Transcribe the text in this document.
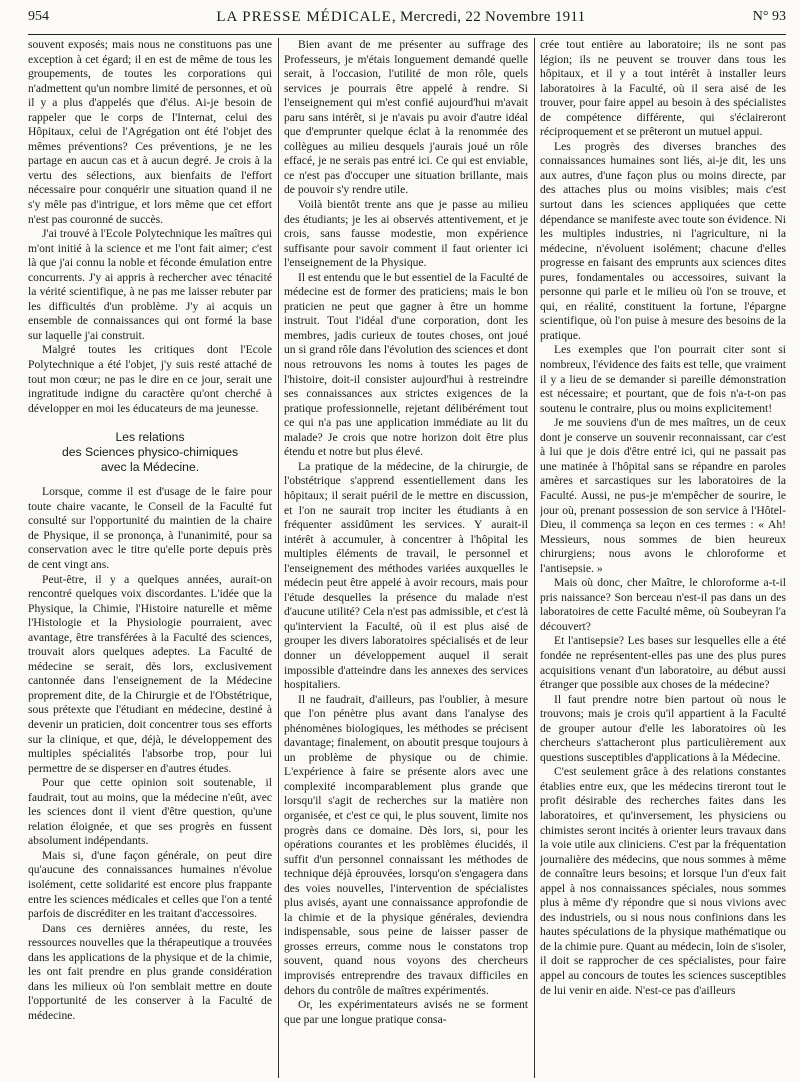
954	LA PRESSE MÉDICALE, Mercredi, 22 Novembre 1911	N° 93

souvent exposés; mais nous ne constituons pas une exception à cet égard; il en est de même de tous les groupements, de toutes les corporations qui n'admettent qu'un nombre limité de personnes, et où il y a plus d'appelés que d'élus. Ai-je besoin de rappeler que le corps de l'Internat, celui des Hôpitaux, celui de l'Agrégation ont été l'objet des mêmes préventions? Ces préventions, je ne les partage en aucun cas et à aucun degré. Je crois à la vertu des sélections, aux bienfaits de l'effort nécessaire pour conquérir une situation quand il ne s'y mêle pas d'intrigue, et lors même que cet effort n'est pas couronné de succès.

J'ai trouvé à l'Ecole Polytechnique les maîtres qui m'ont initié à la science et me l'ont fait aimer; c'est là que j'ai connu la noble et féconde émulation entre concurrents. J'y ai appris à rechercher avec ténacité la vérité scientifique, à ne pas me laisser rebuter par les difficultés d'un problème. J'y ai acquis un ensemble de connaissances qui ont formé la base sur laquelle j'ai construit.

Malgré toutes les critiques dont l'Ecole Polytechnique a été l'objet, j'y suis resté attaché de tout mon cœur; ne pas le dire en ce jour, serait une ingratitude indigne du caractère qu'ont cherché à développer en moi les éducateurs de ma jeunesse.

Les relations
des Sciences physico-chimiques
avec la Médecine.

Lorsque, comme il est d'usage de le faire pour toute chaire vacante, le Conseil de la Faculté fut consulté sur l'opportunité du maintien de la chaire de Physique, il se prononça, à l'unanimité, pour sa conservation avec le titre qu'elle porte depuis près de cent vingt ans.

Peut-être, il y a quelques années, aurait-on rencontré quelques voix discordantes. L'idée que la Physique, la Chimie, l'Histoire naturelle et même l'Histologie et la Physiologie pourraient, avec avantage, être transférées à la Faculté des sciences, trouvait alors quelques adeptes. La Faculté de médecine se serait, dès lors, exclusivement cantonnée dans l'enseignement de la Médecine proprement dite, de la Chirurgie et de l'Obstétrique, sous prétexte que l'étudiant en médecine, destiné à devenir un praticien, doit concentrer tous ses efforts sur la clinique, et que, déjà, le développement des multiples spécialités l'absorbe trop, pour lui permettre de se disperser en d'autres études.

Pour que cette opinion soit soutenable, il faudrait, tout au moins, que la médecine n'eût, avec les sciences dont il vient d'être question, qu'une relation éloignée, et que ses progrès en fussent absolument indépendants.

Mais si, d'une façon générale, on peut dire qu'aucune des connaissances humaines n'évolue isolément, cette solidarité est encore plus frappante entre les sciences médicales et celles que l'on a tenté parfois de discréditer en les traitant d'accessoires.

Dans ces dernières années, du reste, les ressources nouvelles que la thérapeutique a trouvées dans les applications de la physique et de la chimie, les ont fait prendre en plus grande considération dans les milieux où l'on semblait mettre en doute l'opportunité de les conserver à la Faculté de médecine.

Bien avant de me présenter au suffrage des Professeurs, je m'étais longuement demandé quelle serait, à l'occasion, l'utilité de mon rôle, quels services je pourrais être appelé à rendre. Si l'enseignement qui m'est confié aujourd'hui m'avait paru sans intérêt, si je n'avais pu avoir d'autre idéal que d'emprunter quelque éclat à la renommée des collègues au milieu desquels j'aurais joué un rôle effacé, je ne serais pas entré ici. Ce qui est enviable, ce n'est pas d'occuper une situation brillante, mais de pouvoir s'y rendre utile.

Voilà bientôt trente ans que je passe au milieu des étudiants; je les ai observés attentivement, et je crois, sans fausse modestie, mon expérience suffisante pour savoir comment il faut orienter ici l'enseignement de la Physique.

Il est entendu que le but essentiel de la Faculté de médecine est de former des praticiens; mais le bon praticien ne peut que gagner à être un homme instruit. Tout l'idéal d'une corporation, dont les membres, jadis curieux de toutes choses, ont joué un si grand rôle dans l'évolution des sciences et dont nous retrouvons les noms à toutes les pages de l'histoire, doit-il consister aujourd'hui à restreindre ses connaissances aux strictes exigences de la pratique professionnelle, rejetant délibérément tout ce qui n'a pas une application immédiate au lit du malade? Je crois que notre horizon doit être plus étendu et notre but plus élevé.

La pratique de la médecine, de la chirurgie, de l'obstétrique s'apprend essentiellement dans les hôpitaux; il serait puéril de le mettre en discussion, et l'on ne saurait trop inciter les étudiants à en fréquenter assidûment les services. Y aurait-il intérêt à accumuler, à concentrer à l'hôpital les multiples éléments de travail, le personnel et l'enseignement des méthodes variées auxquelles le médecin peut être appelé à avoir recours, mais pour l'étude desquelles la présence du malade n'est d'aucune utilité? Cela n'est pas admissible, et c'est là qu'intervient la Faculté, où il est plus aisé de grouper les divers laboratoires spécialisés et de leur donner un développement auquel il serait impossible d'atteindre dans les annexes des services hospitaliers.

Il ne faudrait, d'ailleurs, pas l'oublier, à mesure que l'on pénètre plus avant dans l'analyse des phénomènes biologiques, les méthodes se précisent davantage; finalement, on aboutit presque toujours à un problème de physique ou de chimie. L'expérience à faire se présente alors avec une complexité incomparablement plus grande que lorsqu'il s'agit de recherches sur la matière non organisée, et c'est ce qui, le plus souvent, limite nos progrès dans ce domaine. Dès lors, si, pour les opérations courantes et les problèmes élucidés, il suffit d'un personnel connaissant les méthodes de technique déjà éprouvées, lorsqu'on s'engagera dans des voies nouvelles, l'intervention de spécialistes plus avisés, ayant une connaissance approfondie de la chimie et de la physique générales, deviendra indispensable, sous peine de laisser passer de grosses erreurs, comme nous le constatons trop souvent, quand nous voyons des chercheurs improvisés entreprendre des travaux difficiles en dehors du contrôle de maîtres expérimentés.

Or, les expérimentateurs avisés ne se forment que par une longue pratique consa-

crée tout entière au laboratoire; ils ne sont pas légion; ils ne peuvent se trouver dans tous les hôpitaux, et il y a tout intérêt à installer leurs laboratoires à la Faculté, où il sera aisé de les trouver, pour faire appel au besoin à des spécialistes de compétence différente, qui s'éclaireront réciproquement et se prêteront un mutuel appui.

Les progrès des diverses branches des connaissances humaines sont liés, ai-je dit, les uns aux autres, d'une façon plus ou moins directe, par des attaches plus ou moins visibles; mais c'est surtout dans les sciences appliquées que cette dépendance se manifeste avec toute son évidence. Ni les multiples industries, ni l'agriculture, ni la médecine, n'évoluent isolément; chacune d'elles progresse en faisant des emprunts aux sciences dites pures, fondamentales ou accessoires, suivant la personne qui parle et le milieu où l'on se trouve, et qui, en réalité, constituent la fortune, l'épargne scientifique, où l'on puise à mesure des besoins de la pratique.

Les exemples que l'on pourrait citer sont si nombreux, l'évidence des faits est telle, que vraiment il y a lieu de se demander si pareille démonstration est nécessaire; et pourtant, que de fois n'a-t-on pas soutenu le contraire, plus ou moins explicitement!

Je me souviens d'un de mes maîtres, un de ceux dont je conserve un souvenir reconnaissant, car c'est à lui que je dois d'être entré ici, qui ne passait pas une matinée à l'hôpital sans se répandre en paroles amères et sarcastiques sur les laboratoires de la Faculté. Aussi, ne pus-je m'empêcher de sourire, le jour où, prenant possession de son service à l'Hôtel-Dieu, il commença sa leçon en ces termes : « Ah! Messieurs, nous sommes de bien heureux chirurgiens; nous avons le chloroforme et l'antisepsie. »

Mais où donc, cher Maître, le chloroforme a-t-il pris naissance? Son berceau n'est-il pas dans un des laboratoires de cette Faculté même, où Soubeyran l'a découvert?

Et l'antisepsie? Les bases sur lesquelles elle a été fondée ne représentent-elles pas une des plus pures acquisitions venant d'un laboratoire, au début aussi étranger que possible aux choses de la médecine?

Il faut prendre notre bien partout où nous le trouvons; mais je crois qu'il appartient à la Faculté de grouper autour d'elle les laboratoires où les chercheurs s'attacheront plus particulièrement aux questions susceptibles d'applications à la Médecine.

C'est seulement grâce à des relations constantes établies entre eux, que les médecins tireront tout le profit désirable des recherches faites dans les laboratoires, et qu'inversement, les physiciens ou chimistes seront incités à orienter leurs travaux dans la voie utile aux cliniciens. C'est par la fréquentation journalière des médecins, que nous sommes à même de connaître leurs besoins; et lorsque l'un d'eux fait appel à nos connaissances spéciales, nous sommes plus à même d'y répondre que si nous vivions avec des industriels, ou si nous nous confinions dans les hautes spéculations de la physique mathématique ou de la chimie pure. Quant au médecin, loin de s'isoler, il doit se rapprocher de ces spécialistes, pour faire appel au concours de toutes les sciences susceptibles de lui venir en aide. N'est-ce pas d'ailleurs
